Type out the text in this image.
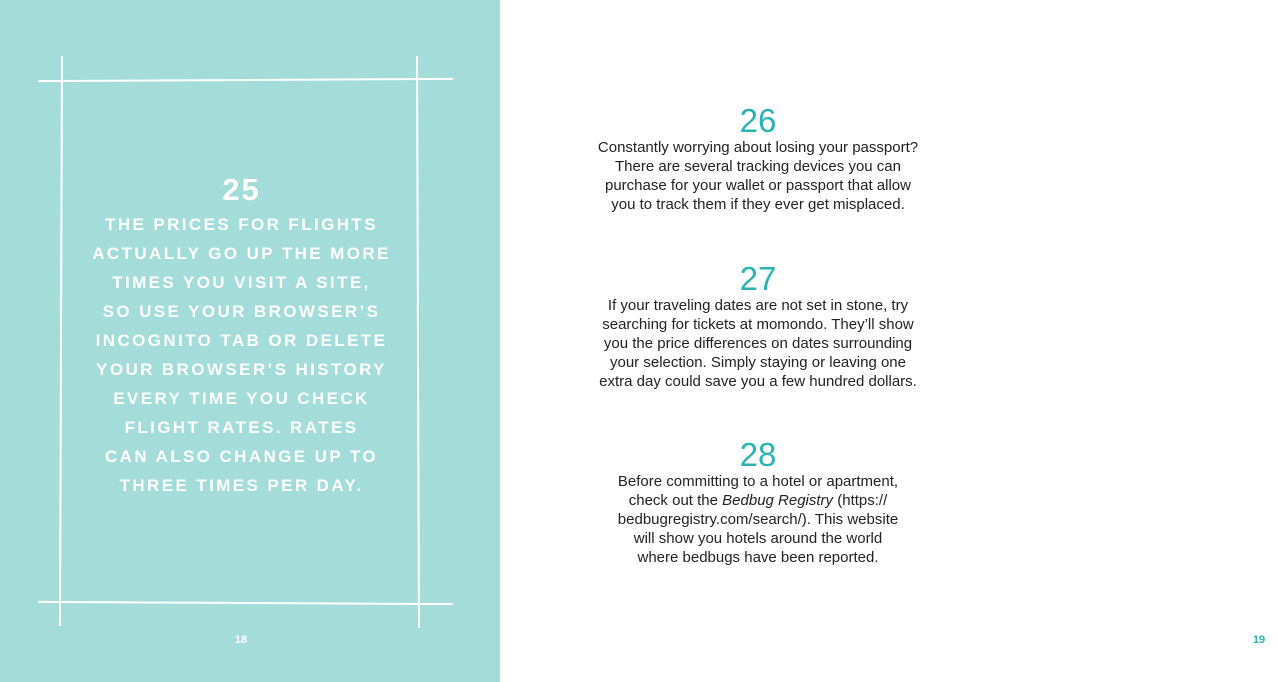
25
THE PRICES FOR FLIGHTS
ACTUALLY GO UP THE MORE
TIMES YOU VISIT A SITE,
SO USE YOUR BROWSER’S
INCOGNITO TAB OR DELETE
YOUR BROWSER’S HISTORY
EVERY TIME YOU CHECK
FLIGHT RATES. RATES
CAN ALSO CHANGE UP TO
THREE TIMES PER DAY.
18
26
Constantly worrying about losing your passport?
There are several tracking devices you can
purchase for your wallet or passport that allow
you to track them if they ever get misplaced.
27
If your traveling dates are not set in stone, try
searching for tickets at momondo. They’ll show
you the price differences on dates surrounding
your selection. Simply staying or leaving one
extra day could save you a few hundred dollars.
28
Before committing to a hotel or apartment,
check out the Bedbug Registry (https://
bedbugregistry.com/search/). This website
will show you hotels around the world
where bedbugs have been reported.
19
